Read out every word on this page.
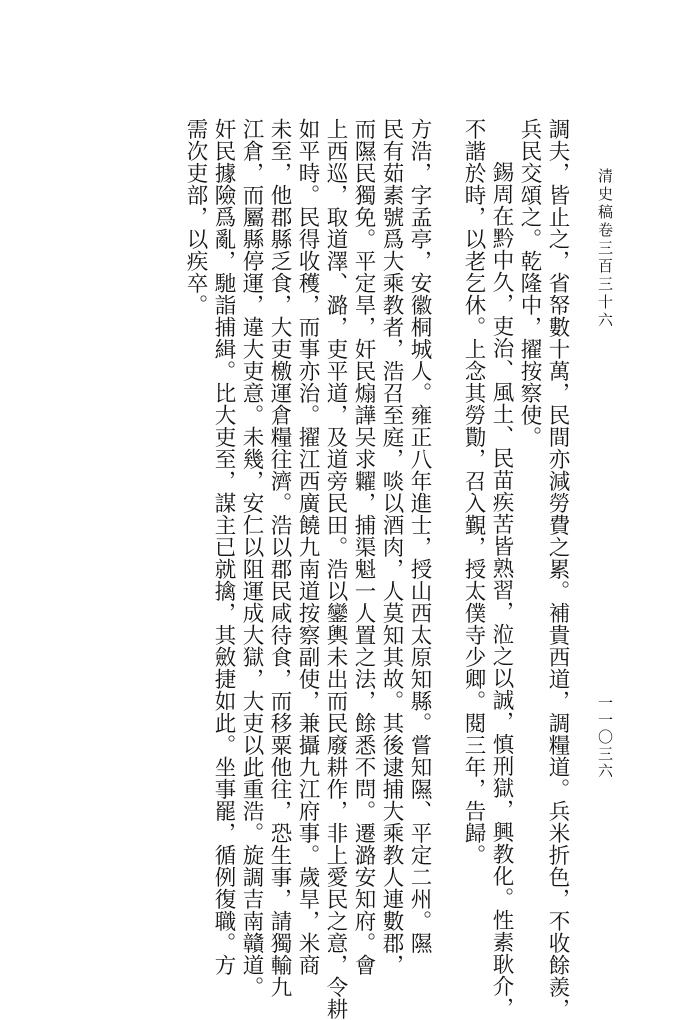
清史稿卷三百三十六
一一〇三六
調夫，皆止之，省帑數十萬，民間亦減勞費之累。補貴西道，調糧道。兵米折色，不收餘羨，
兵民交頌之。乾隆中，擢按察使。
錫周在黔中久，吏治、風土、民苗疾苦皆熟習，涖之以誠，慎刑獄，興教化。性素耿介，
不諧於時，以老乞休。上念其勞勩，召入覲，授太僕寺少卿。閱三年，告歸。
方浩，字孟亭，安徽桐城人。雍正八年進士，授山西太原知縣。嘗知隰、平定二州。隰
民有茹素號爲大乘教者，浩召至庭，啖以酒肉，人莫知其故。其後逮捕大乘教人連數郡，
而隰民獨免。平定旱，奸民煽譁㕦求糶，捕渠魁一人置之法，餘悉不問。遷潞安知府。會
上西巡，取道澤、潞，吏平道，及道旁民田。浩以鑾輿未出而民廢耕作，非上愛民之意，令耕
如平時。民得收穫，而事亦治。擢江西廣饒九南道按察副使，兼攝九江府事。歲旱，米商
未至，他郡縣乏食，大吏檄運倉糧往濟。浩以郡民咸待食，而移粟他往，恐生事，請獨輸九
江倉，而屬縣停運，違大吏意。未幾，安仁以阻運成大獄，大吏以此重浩。旋調吉南贛道。
奸民據險爲亂，馳詣捕緝。比大吏至，謀主已就擒，其斂捷如此。坐事罷，循例復職。方
需次吏部，以疾卒。
